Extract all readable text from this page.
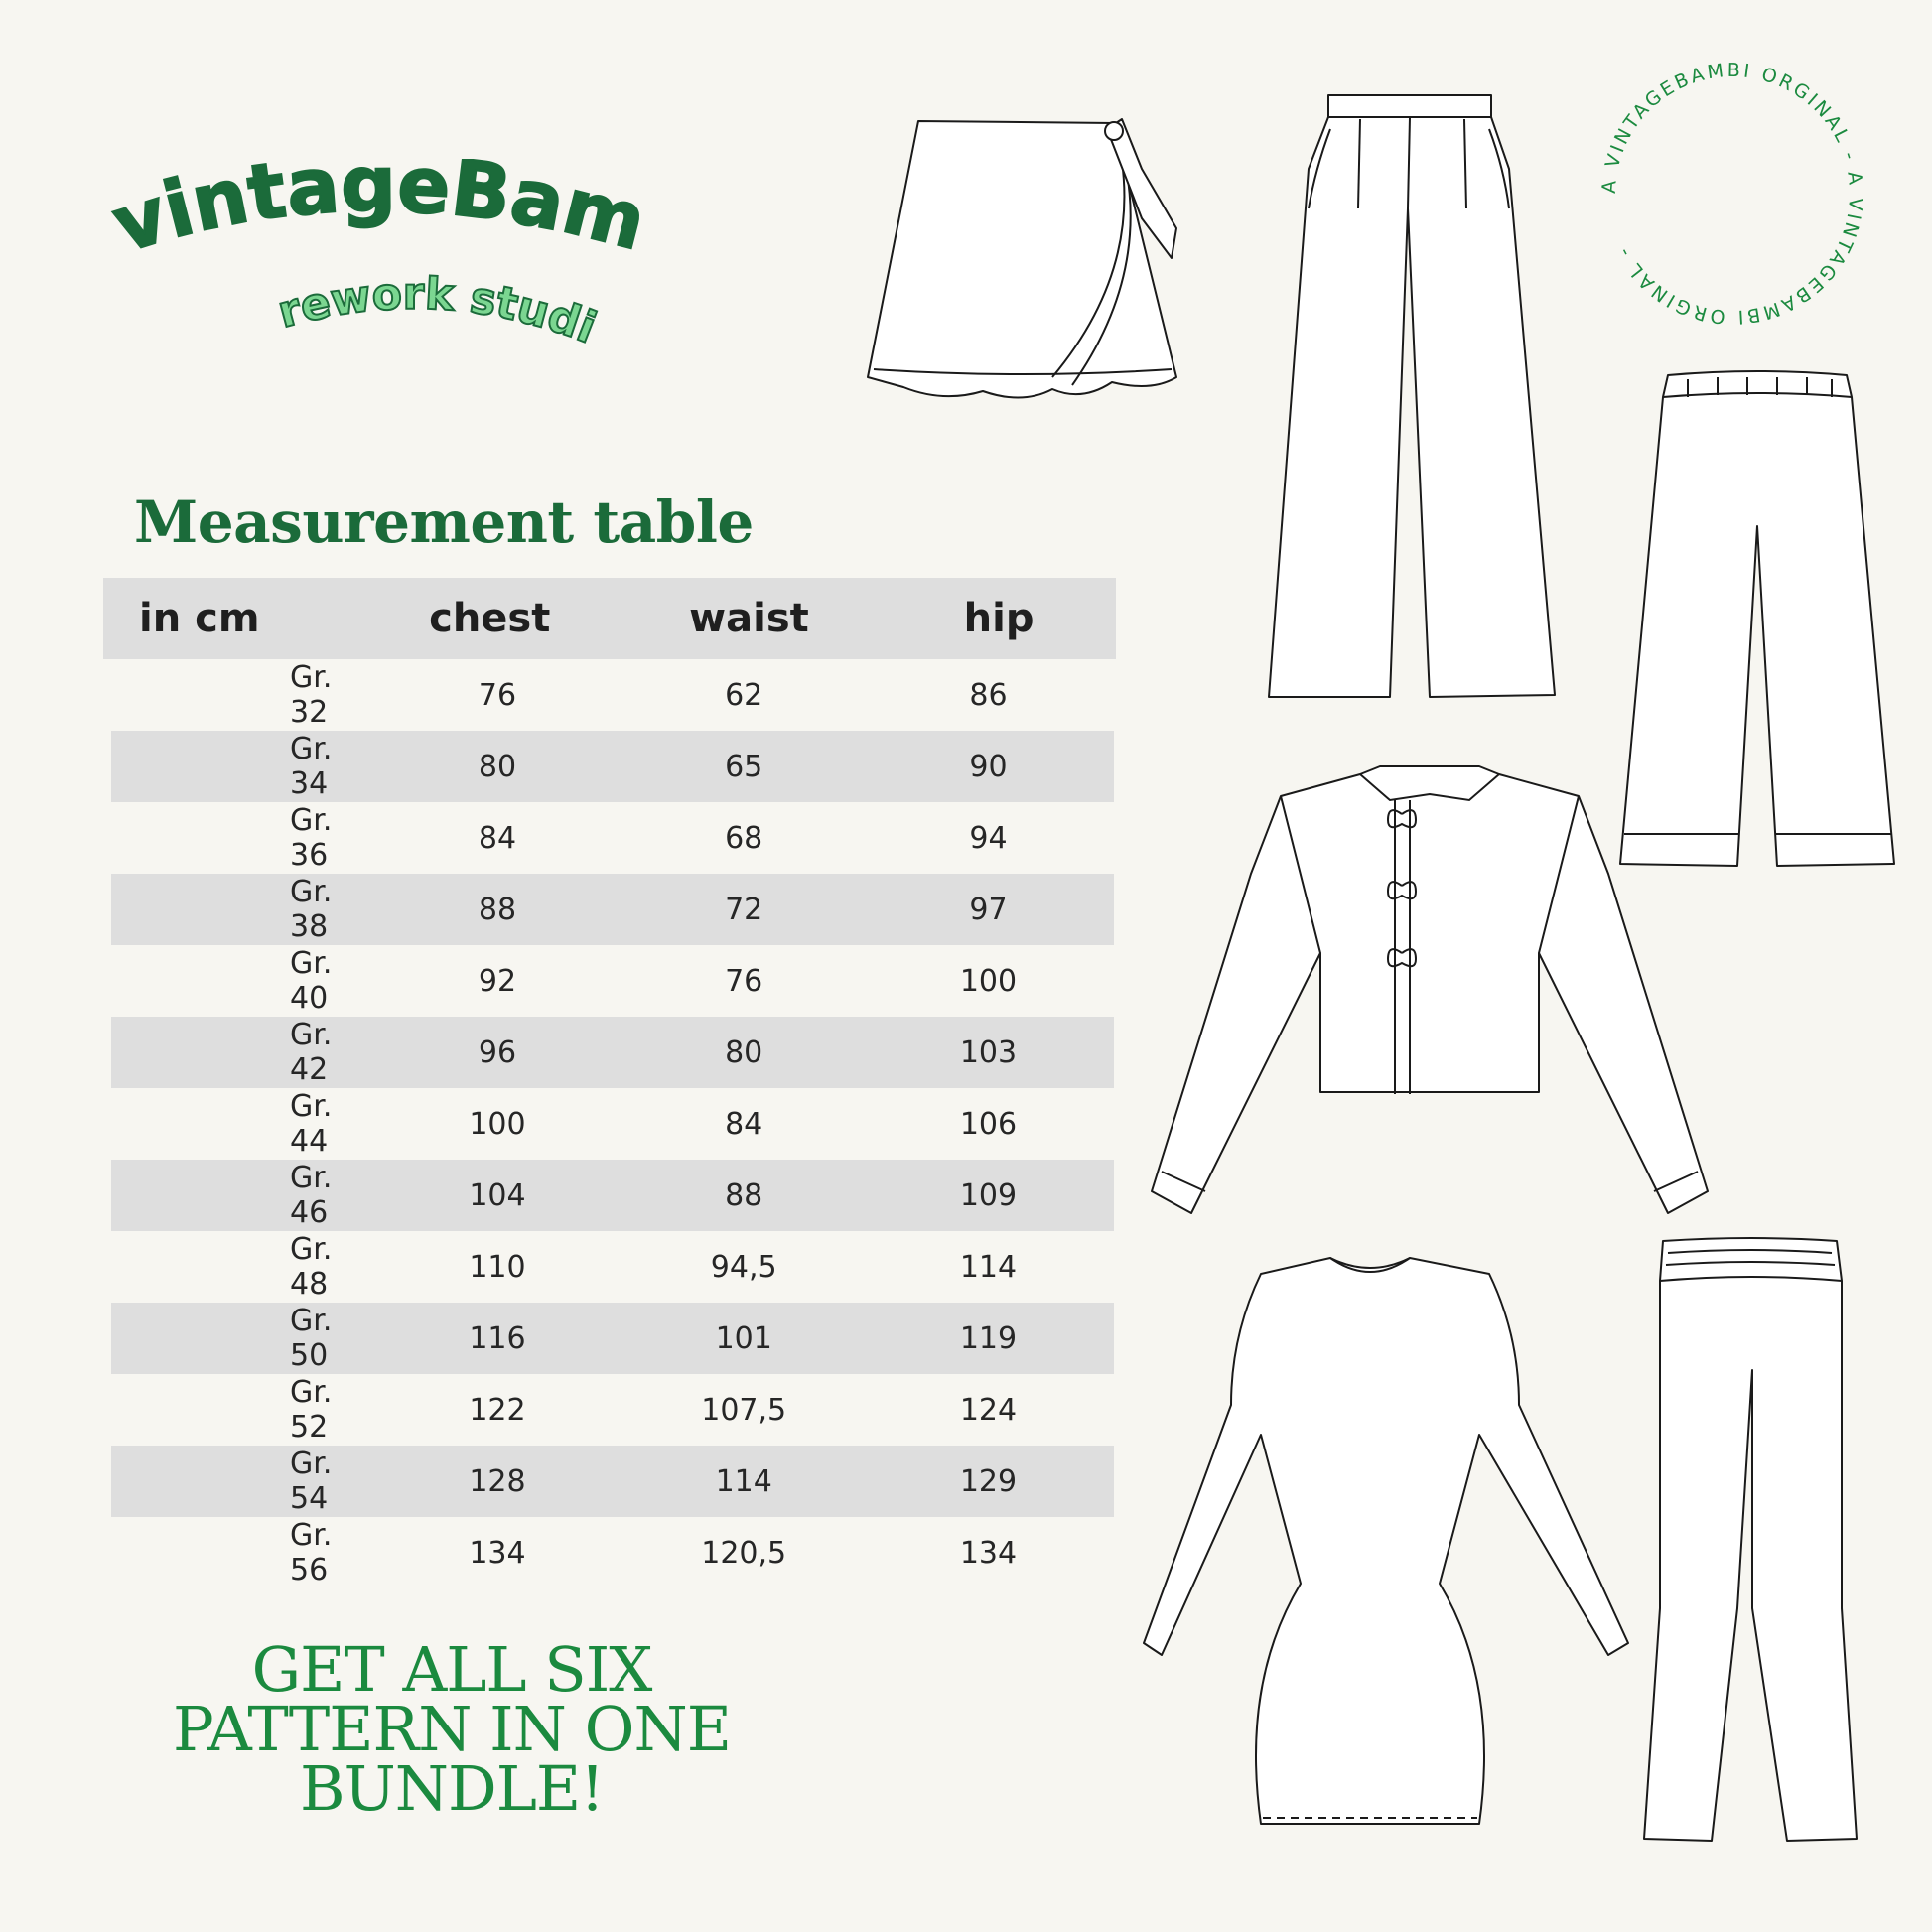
vintageBam
rework studi
Measurement table
in cm	chest	waist	hip
Gr. 32	76	62	86
Gr. 34	80	65	90
Gr. 36	84	68	94
Gr. 38	88	72	97
Gr. 40	92	76	100
Gr. 42	96	80	103
Gr. 44	100	84	106
Gr. 46	104	88	109
Gr. 48	110	94,5	114
Gr. 50	116	101	119
Gr. 52	122	107,5	124
Gr. 54	128	114	129
Gr. 56	134	120,5	134
GET ALL SIX
PATTERN IN ONE
BUNDLE!
A VINTAGEBAMBI ORGINAL - A VINTAGEBAMBI ORGINAL -
